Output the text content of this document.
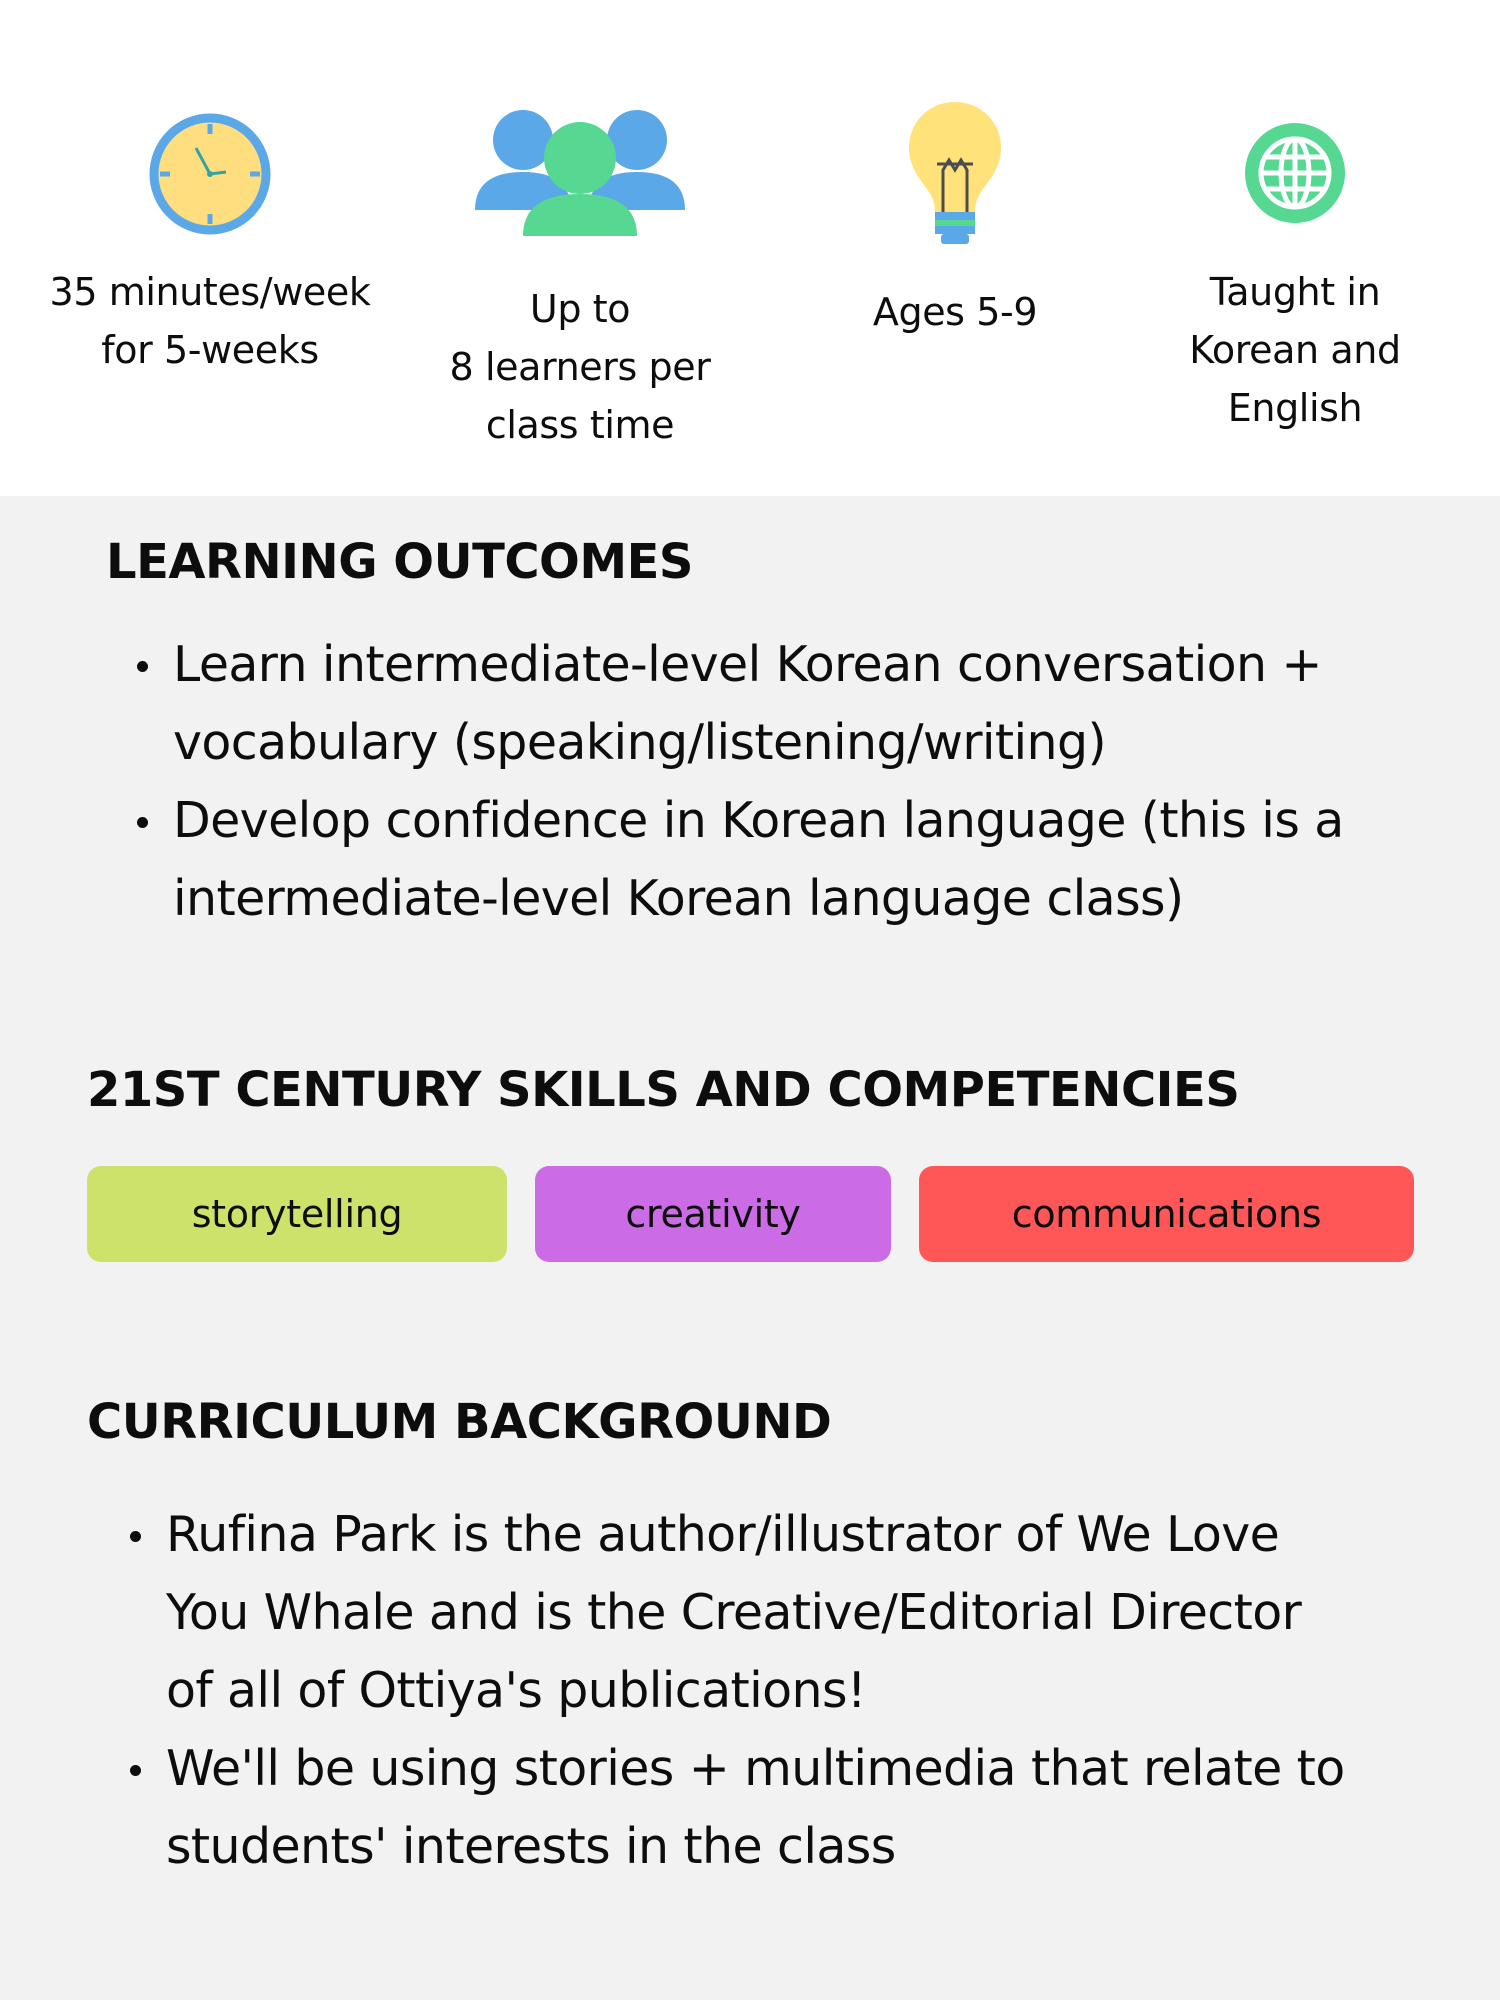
35 minutes/week
for 5-weeks
Up to
8 learners per
class time
Ages 5-9	Taught in
Korean and
English
LEARNING OUTCOMES
Learn intermediate-level Korean conversation +
vocabulary (speaking/listening/writing)
Develop confidence in Korean language (this is a
intermediate-level Korean language class)
21ST CENTURY SKILLS AND COMPETENCIES
storytelling	creativity	communications
CURRICULUM BACKGROUND
Rufina Park is the author/illustrator of We Love
You Whale and is the Creative/Editorial Director
of all of Ottiya's publications!
We'll be using stories + multimedia that relate to
students' interests in the class
